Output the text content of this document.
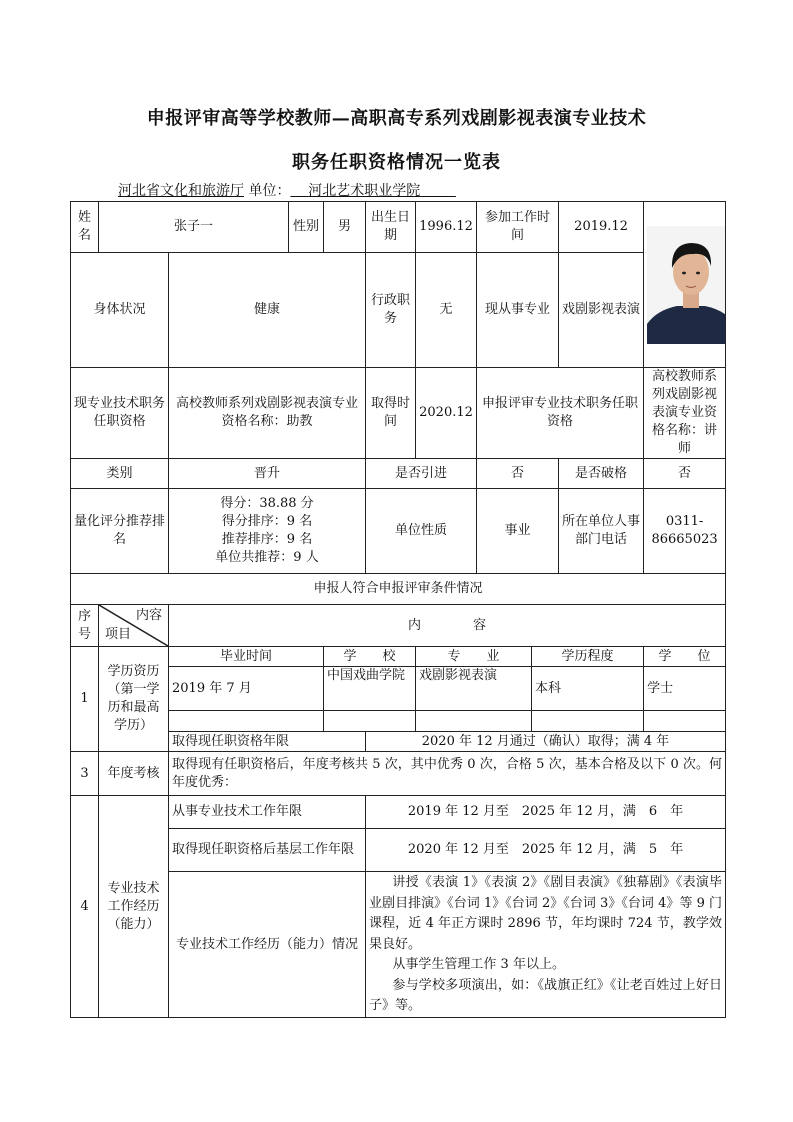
申报评审高等学校教师—高职高专系列戏剧影视表演专业技术
职务任职资格情况一览表
河北省文化和旅游厅 单位： 河北艺术职业学院
姓名	张子一		性别	男	出生日期	1996.12	参加工作时间		2019.12	

身体状况		健康			行政职务	无	现从事专业		戏剧影视表演	
现专业技术职务任职资格		高校教师系列戏剧影视表演专业资格名称：助教			取得时间	2020.12	申报评审专业技术职务任职资格			高校教师系列戏剧影视表演专业资格名称：讲师
类别		晋升			是否引进		否		是否破格	否
量化评分推荐排名		得分：38.88 分
得分排序：9 名
推荐排序：9 名
单位共推荐：9 人			单位性质		事业		所在单位人事部门电话	0311-86665023
申报人符合申报评审条件情况										
序号	内容
项目	内　　　　容								
1	学历资历（第一学历和最高学历）	毕业时间		学　　校		专　　业		学历程度		学　　位
		2019 年 7 月		中国戏曲学院		戏剧影视表演		本科		学士

		取得现任职资格年限			2020 年 12 月通过（确认）取得；满 4 年					
3	年度考核	取得现有任职资格后，年度考核共 5 次，其中优秀 0 次，合格 5 次，基本合格及以下 0 次。何年度优秀：								
4	专业技术工作经历（能力）	从事专业技术工作年限			2019 年 12 月至　2025 年 12 月，满　6　年					
		取得现任职资格后基层工作年限			2020 年 12 月至　2025 年 12 月，满　5　年					
		专业技术工作经历（能力）情况			讲授《表演 1》《表演 2》《剧目表演》《独幕剧》《表演毕业剧目排演》《台词 1》《台词 2》《台词 3》《台词 4》等 9 门课程，近 4 年正方课时 2896 节，年均课时 724 节，教学效果良好。
从事学生管理工作 3 年以上。
参与学校多项演出，如：《战旗正红》《让老百姓过上好日子》等。					
